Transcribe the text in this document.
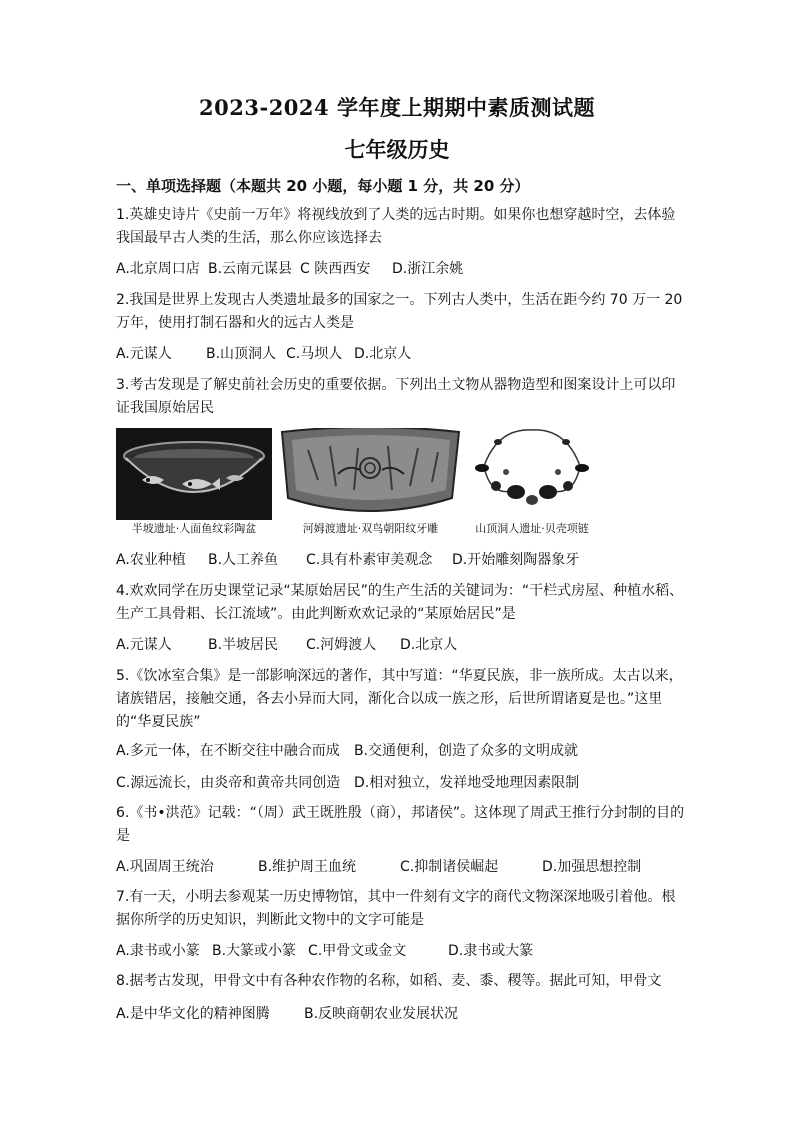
2023-2024 学年度上期期中素质测试题
七年级历史
一、单项选择题（本题共 20 小题，每小题 1 分，共 20 分）
1.英雄史诗片《史前一万年》将视线放到了人类的远古时期。如果你也想穿越时空，去体验我国最早古人类的生活，那么你应该选择去
A.北京周口店 B.云南元谋县 C 陕西西安 D.浙江余姚
2.我国是世界上发现古人类遗址最多的国家之一。下列古人类中，生活在距今约 70 万一 20 万年，使用打制石器和火的远古人类是
A.元谋人 B.山顶洞人 C.马坝人 D.北京人
3.考古发现是了解史前社会历史的重要依据。下列出土文物从器物造型和图案设计上可以印证我国原始居民
半坡遗址·人面鱼纹彩陶盆	河姆渡遗址·双鸟朝阳纹牙雕	山顶洞人遗址·贝壳项链
A.农业种植 B.人工养鱼 C.具有朴素审美观念 D.开始雕刻陶器象牙
4.欢欢同学在历史课堂记录“某原始居民”的生产生活的关键词为：“干栏式房屋、种植水稻、生产工具骨耜、长江流域”。由此判断欢欢记录的“某原始居民”是
A.元谋人	B.半坡居民 C.河姆渡人 D.北京人
5.《饮冰室合集》是一部影响深远的著作，其中写道：“华夏民族，非一族所成。太古以来，诸族错居，接触交通，各去小异而大同，渐化合以成一族之形，后世所谓诸夏是也。”这里的“华夏民族”
A.多元一体，在不断交往中融合而成 B.交通便利，创造了众多的文明成就
C.源远流长，由炎帝和黄帝共同创造 D.相对独立，发祥地受地理因素限制
6.《书•洪范》记载：“（周）武王既胜殷（商），邦诸侯”。这体现了周武王推行分封制的目的是
A.巩固周王统治	B.维护周王血统	C.抑制诸侯崛起	D.加强思想控制
7.有一天，小明去参观某一历史博物馆，其中一件刻有文字的商代文物深深地吸引着他。根据你所学的历史知识，判断此文物中的文字可能是
A.隶书或小篆 B.大篆或小篆 C.甲骨文或金文	D.隶书或大篆
8.据考古发现，甲骨文中有各种农作物的名称，如稻、麦、黍、稷等。据此可知，甲骨文
A.是中华文化的精神图腾 B.反映商朝农业发展状况
